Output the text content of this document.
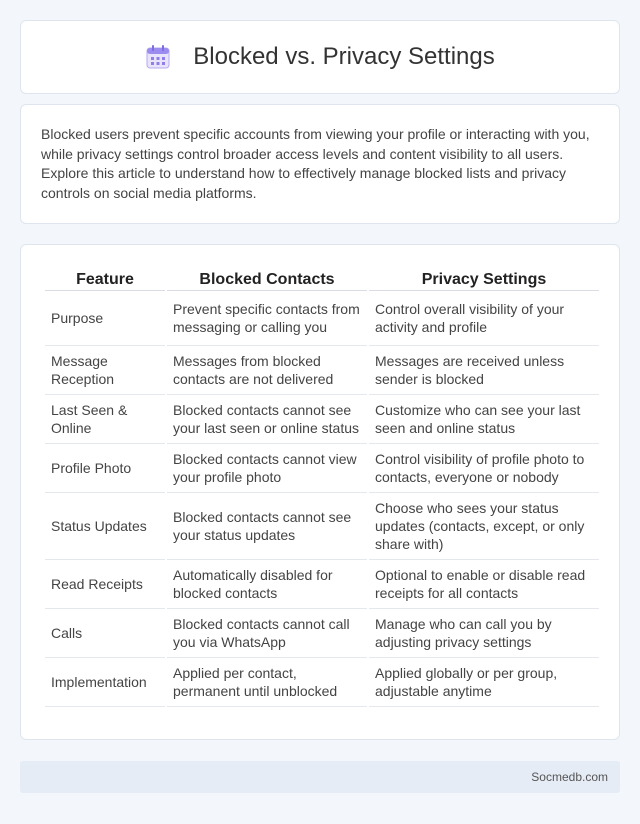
Blocked vs. Privacy Settings

Blocked users prevent specific accounts from viewing your profile or interacting with you, while privacy settings control broader access levels and content visibility to all users. Explore this article to understand how to effectively manage blocked lists and privacy controls on social media platforms.

Feature	Blocked Contacts	Privacy Settings
Purpose	Prevent specific contacts from messaging or calling you	Control overall visibility of your activity and profile
Message Reception	Messages from blocked contacts are not delivered	Messages are received unless sender is blocked
Last Seen & Online	Blocked contacts cannot see your last seen or online status	Customize who can see your last seen and online status
Profile Photo	Blocked contacts cannot view your profile photo	Control visibility of profile photo to contacts, everyone or nobody
Status Updates	Blocked contacts cannot see your status updates	Choose who sees your status updates (contacts, except, or only share with)
Read Receipts	Automatically disabled for blocked contacts	Optional to enable or disable read receipts for all contacts
Calls	Blocked contacts cannot call you via WhatsApp	Manage who can call you by adjusting privacy settings
Implementation	Applied per contact, permanent until unblocked	Applied globally or per group, adjustable anytime
Socmedb.com
